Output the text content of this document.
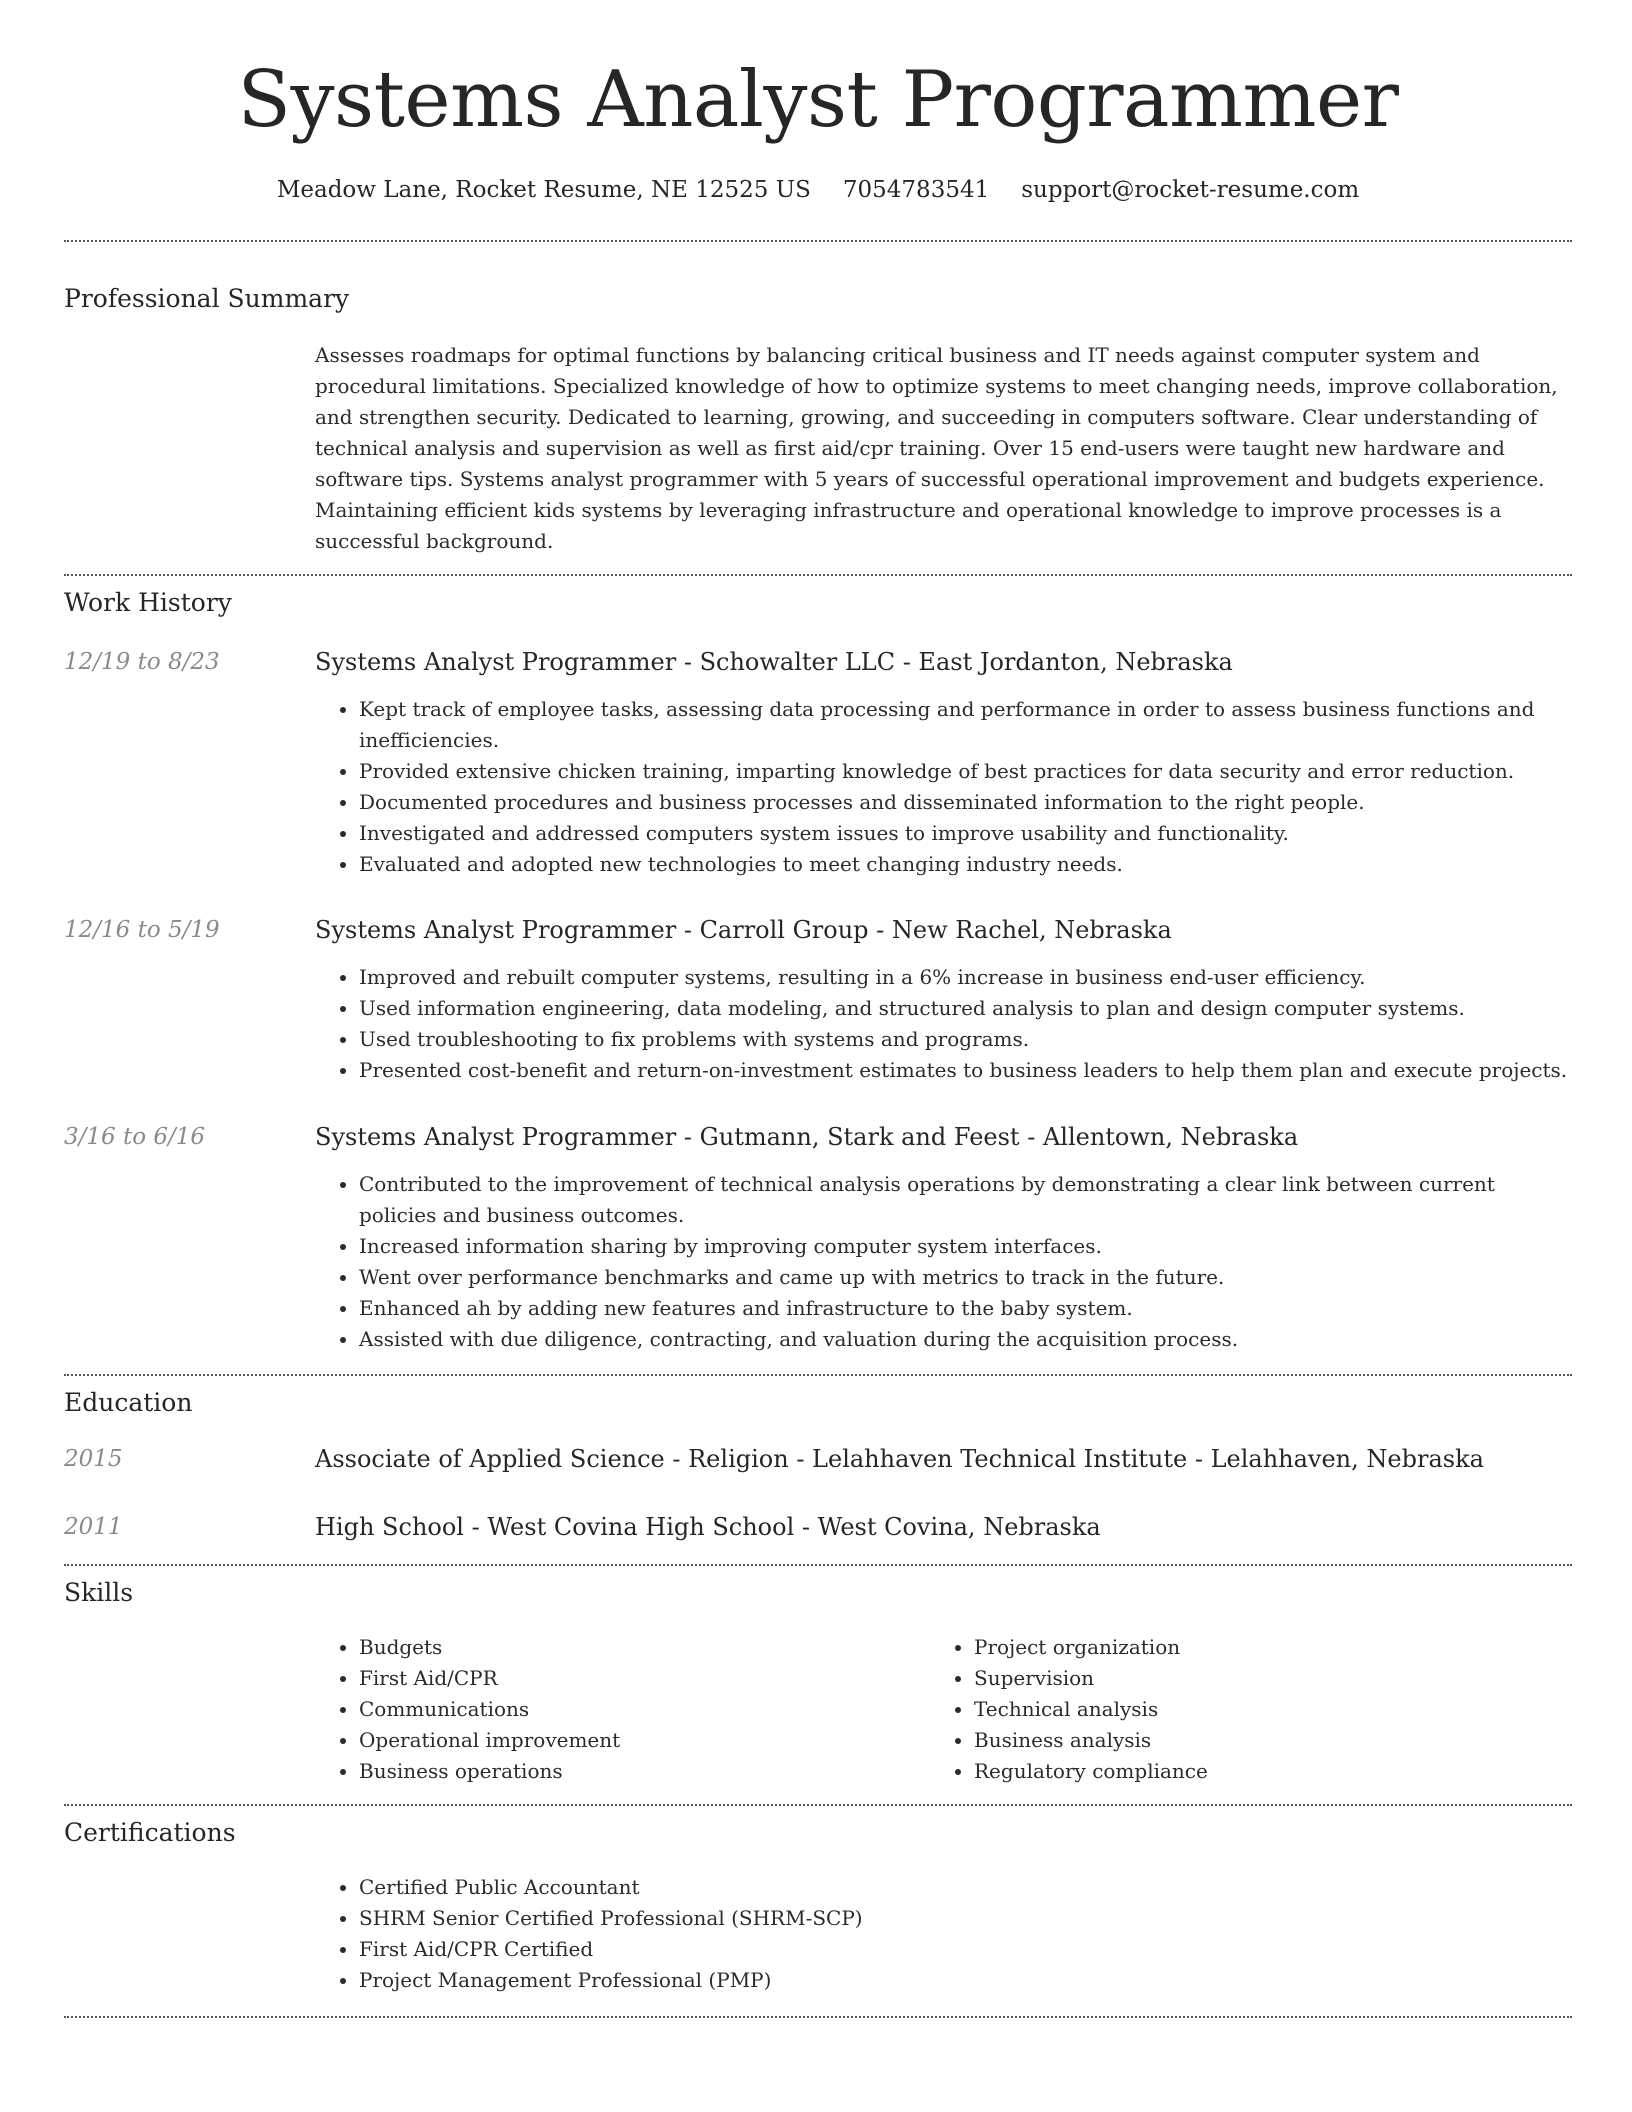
Systems Analyst Programmer
Meadow Lane, Rocket Resume, NE 12525 US 7054783541 support@rocket-resume.com
Professional Summary

Assesses roadmaps for optimal functions by balancing critical business and IT needs against computer system and procedural limitations. Specialized knowledge of how to optimize systems to meet changing needs, improve collaboration, and strengthen security. Dedicated to learning, growing, and succeeding in computers software. Clear understanding of technical analysis and supervision as well as first aid/cpr training. Over 15 end-users were taught new hardware and software tips. Systems analyst programmer with 5 years of successful operational improvement and budgets experience. Maintaining efficient kids systems by leveraging infrastructure and operational knowledge to improve processes is a successful background.

Work History
12/19 to 8/23	Systems Analyst Programmer - Schowalter LLC - East Jordanton, Nebraska
• Kept track of employee tasks, assessing data processing and performance in order to assess business functions and inefficiencies.
• Provided extensive chicken training, imparting knowledge of best practices for data security and error reduction.
• Documented procedures and business processes and disseminated information to the right people.
• Investigated and addressed computers system issues to improve usability and functionality.
• Evaluated and adopted new technologies to meet changing industry needs.
12/16 to 5/19	Systems Analyst Programmer - Carroll Group - New Rachel, Nebraska
• Improved and rebuilt computer systems, resulting in a 6% increase in business end-user efficiency.
• Used information engineering, data modeling, and structured analysis to plan and design computer systems.
• Used troubleshooting to fix problems with systems and programs.
• Presented cost-benefit and return-on-investment estimates to business leaders to help them plan and execute projects.
3/16 to 6/16	Systems Analyst Programmer - Gutmann, Stark and Feest - Allentown, Nebraska
• Contributed to the improvement of technical analysis operations by demonstrating a clear link between current policies and business outcomes.
• Increased information sharing by improving computer system interfaces.
• Went over performance benchmarks and came up with metrics to track in the future.
• Enhanced ah by adding new features and infrastructure to the baby system.
• Assisted with due diligence, contracting, and valuation during the acquisition process.
Education
2015	Associate of Applied Science - Religion - Lelahhaven Technical Institute - Lelahhaven, Nebraska
2011	High School - West Covina High School - West Covina, Nebraska
Skills
• Budgets
• First Aid/CPR
• Communications
• Operational improvement
• Business operations
• Project organization
• Supervision
• Technical analysis
• Business analysis
• Regulatory compliance
Certifications
• Certified Public Accountant
• SHRM Senior Certified Professional (SHRM-SCP)
• First Aid/CPR Certified
• Project Management Professional (PMP)
